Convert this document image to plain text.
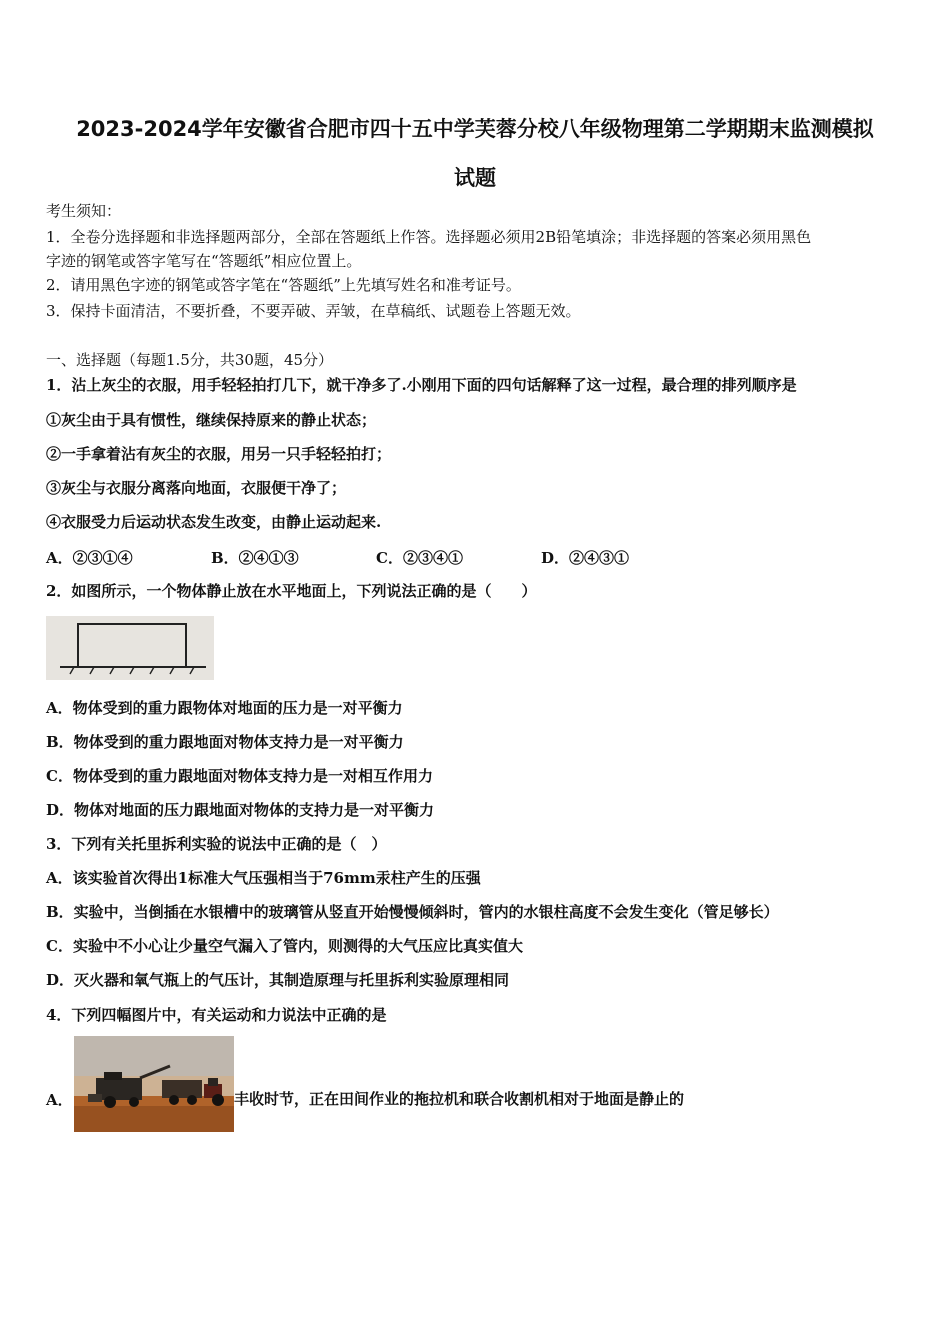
2023-2024学年安徽省合肥市四十五中学芙蓉分校八年级物理第二学期期末监测模拟
试题
考生须知：
1．全卷分选择题和非选择题两部分，全部在答题纸上作答。选择题必须用2B铅笔填涂；非选择题的答案必须用黑色
字迹的钢笔或答字笔写在“答题纸”相应位置上。
2．请用黑色字迹的钢笔或答字笔在“答题纸”上先填写姓名和准考证号。
3．保持卡面清洁，不要折叠，不要弄破、弄皱，在草稿纸、试题卷上答题无效。
一、选择题（每题1.5分，共30题，45分）
1．沾上灰尘的衣服，用手轻轻拍打几下，就干净多了.小刚用下面的四句话解释了这一过程，最合理的排列顺序是
①灰尘由于具有惯性，继续保持原来的静止状态；
②一手拿着沾有灰尘的衣服，用另一只手轻轻拍打；
③灰尘与衣服分离落向地面，衣服便干净了；
④衣服受力后运动状态发生改变，由静止运动起来.
A．②③①④	B．②④①③	C．②③④①	D．②④③①
2．如图所示，一个物体静止放在水平地面上，下列说法正确的是（　　）
A．物体受到的重力跟物体对地面的压力是一对平衡力
B．物体受到的重力跟地面对物体支持力是一对平衡力
C．物体受到的重力跟地面对物体支持力是一对相互作用力
D．物体对地面的压力跟地面对物体的支持力是一对平衡力
3．下列有关托里拆利实验的说法中正确的是（　）
A．该实验首次得出1标准大气压强相当于76mm汞柱产生的压强
B．实验中，当倒插在水银槽中的玻璃管从竖直开始慢慢倾斜时，管内的水银柱高度不会发生变化（管足够长）
C．实验中不小心让少量空气漏入了管内，则测得的大气压应比真实值大
D．灭火器和氧气瓶上的气压计，其制造原理与托里拆利实验原理相同
4．下列四幅图片中，有关运动和力说法中正确的是
A．	丰收时节，正在田间作业的拖拉机和联合收割机相对于地面是静止的
